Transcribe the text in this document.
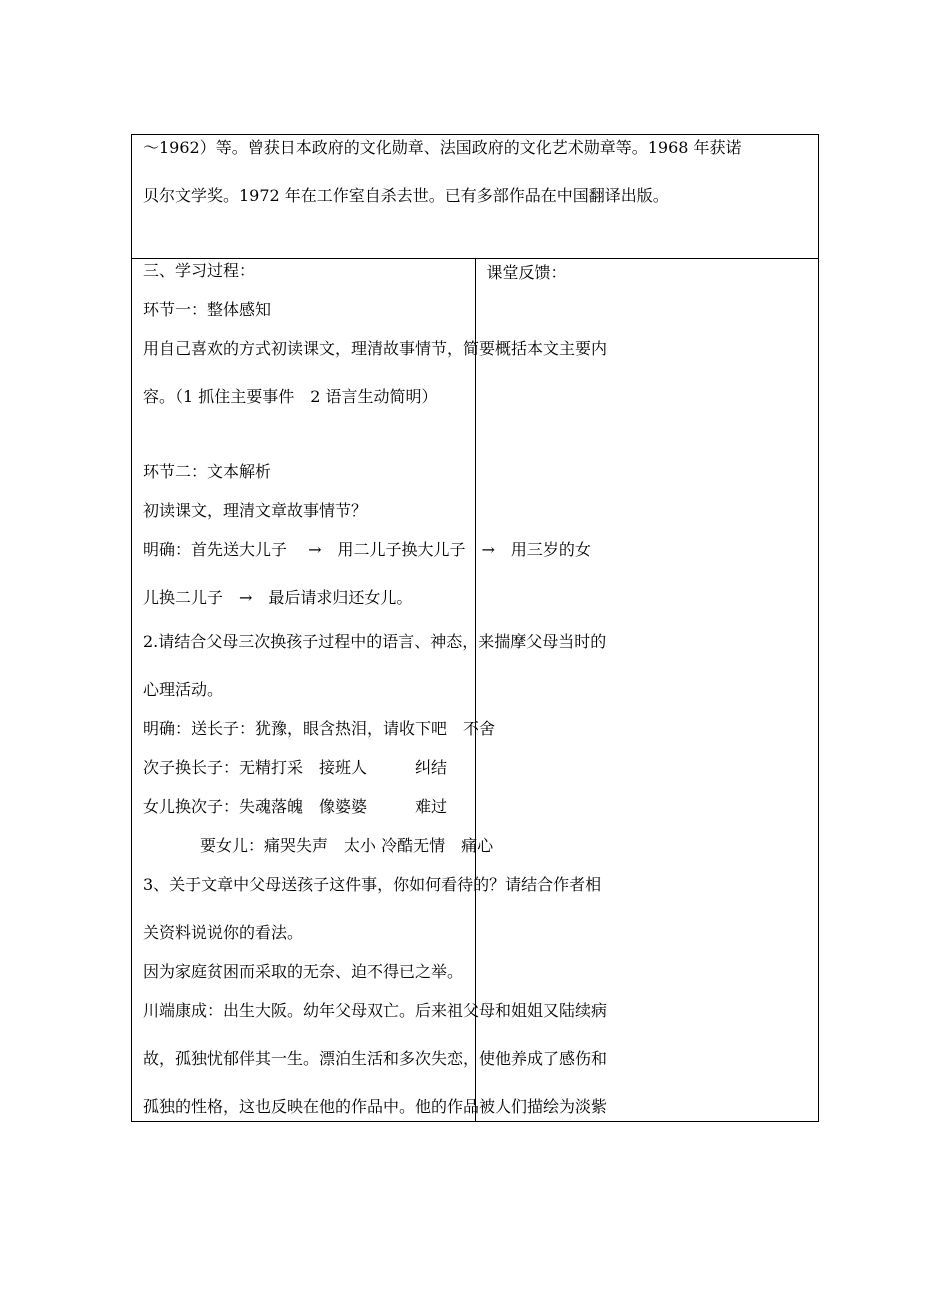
～1962）等。曾获日本政府的文化勋章、法国政府的文化艺术勋章等。1968 年获诺

贝尔文学奖。1972 年在工作室自杀去世。已有多部作品在中国翻译出版。

三、学习过程：

环节一：整体感知

用自己喜欢的方式初读课文，理清故事情节，简要概括本文主要内

容。（1 抓住主要事件　2 语言生动简明）

环节二：文本解析

初读课文，理清文章故事情节？

明确：首先送大儿子　 →　用二儿子换大儿子　→　用三岁的女

儿换二儿子　→　最后请求归还女儿。

2.请结合父母三次换孩子过程中的语言、神态，来揣摩父母当时的

心理活动。

明确：送长子：犹豫，眼含热泪，请收下吧　不舍

次子换长子：无精打采　接班人　　　纠结

女儿换次子：失魂落魄　像婆婆　　　难过

要女儿：痛哭失声　太小 冷酷无情　痛心

3、关于文章中父母送孩子这件事，你如何看待的？请结合作者相

关资料说说你的看法。

因为家庭贫困而采取的无奈、迫不得已之举。

川端康成：出生大阪。幼年父母双亡。后来祖父母和姐姐又陆续病

故，孤独忧郁伴其一生。漂泊生活和多次失恋，使他养成了感伤和

孤独的性格，这也反映在他的作品中。他的作品被人们描绘为淡紫

课堂反馈：
